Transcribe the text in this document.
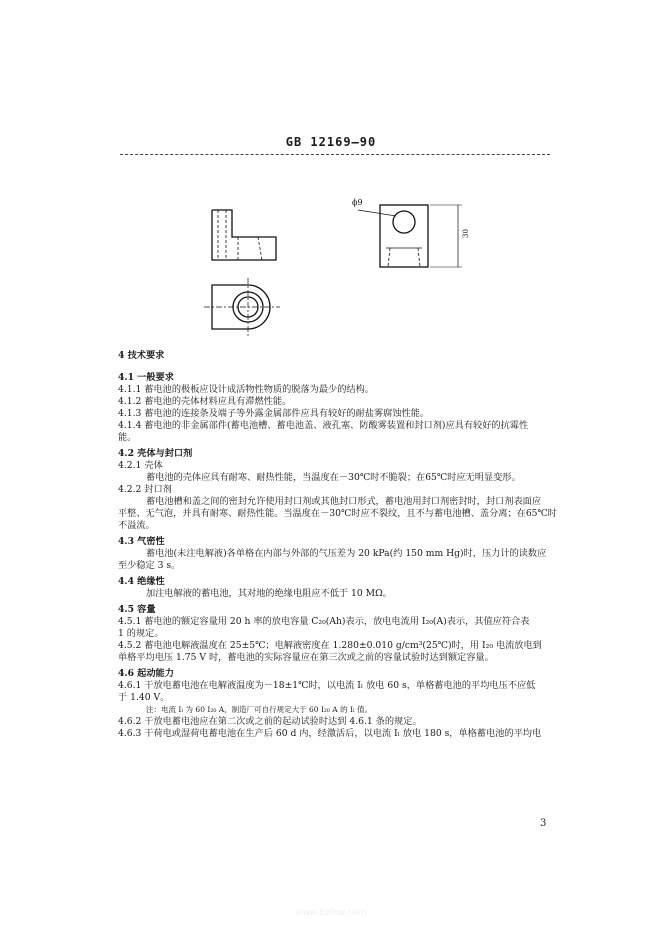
GB 12169—90
ϕ9
30

4 技术要求

4.1 一般要求

4.1.1 蓄电池的极板应设计成活物性物质的脱落为最少的结构。

4.1.2 蓄电池的壳体材料应具有滞燃性能。

4.1.3 蓄电池的连接条及端子等外露金属部件应具有较好的耐盐雾腐蚀性能。

4.1.4 蓄电池的非金属部件(蓄电池槽、蓄电池盖、液孔塞、防酸雾装置和封口剂)应具有较好的抗霉性

能。

4.2 壳体与封口剂

4.2.1 壳体

蓄电池的壳体应具有耐寒、耐热性能，当温度在－30℃时不脆裂；在65℃时应无明显变形。

4.2.2 封口剂

蓄电池槽和盖之间的密封允许使用封口剂或其他封口形式，蓄电池用封口剂密封时，封口剂表面应

平整、无气泡，并具有耐寒、耐热性能。当温度在－30℃时应不裂纹，且不与蓄电池槽、盖分离；在65℃时

不溢流。

4.3 气密性

蓄电池(未注电解液)各单格在内部与外部的气压差为 20 kPa(约 150 mm Hg)时，压力计的读数应

至少稳定 3 s。

4.4 绝缘性

加注电解液的蓄电池，其对地的绝缘电阻应不低于 10 MΩ。

4.5 容量

4.5.1 蓄电池的额定容量用 20 h 率的放电容量 C₂₀(Ah)表示，放电电流用 I₂₀(A)表示，其值应符合表

1 的规定。

4.5.2 蓄电池电解液温度在 25±5℃；电解液密度在 1.280±0.010 g/cm³(25℃)时，用 I₂₀ 电流放电到

单格平均电压 1.75 V 时，蓄电池的实际容量应在第三次或之前的容量试验时达到额定容量。

4.6 起动能力

4.6.1 干放电蓄电池在电解液温度为－18±1℃时，以电流 Iₗ 放电 60 s，单格蓄电池的平均电压不应低

于 1.40 V。

注：电流 Iₗ 为 60 I₂₀ A，制造厂可自行规定大于 60 I₂₀ A 的 Iₗ 值。

4.6.2 干放电蓄电池应在第二次或之前的起动试验时达到 4.6.1 条的规定。

4.6.3 干荷电或湿荷电蓄电池在生产后 60 d 内，经激活后，以电流 Iₗ 放电 180 s，单格蓄电池的平均电

3
www.bzfxw.com
